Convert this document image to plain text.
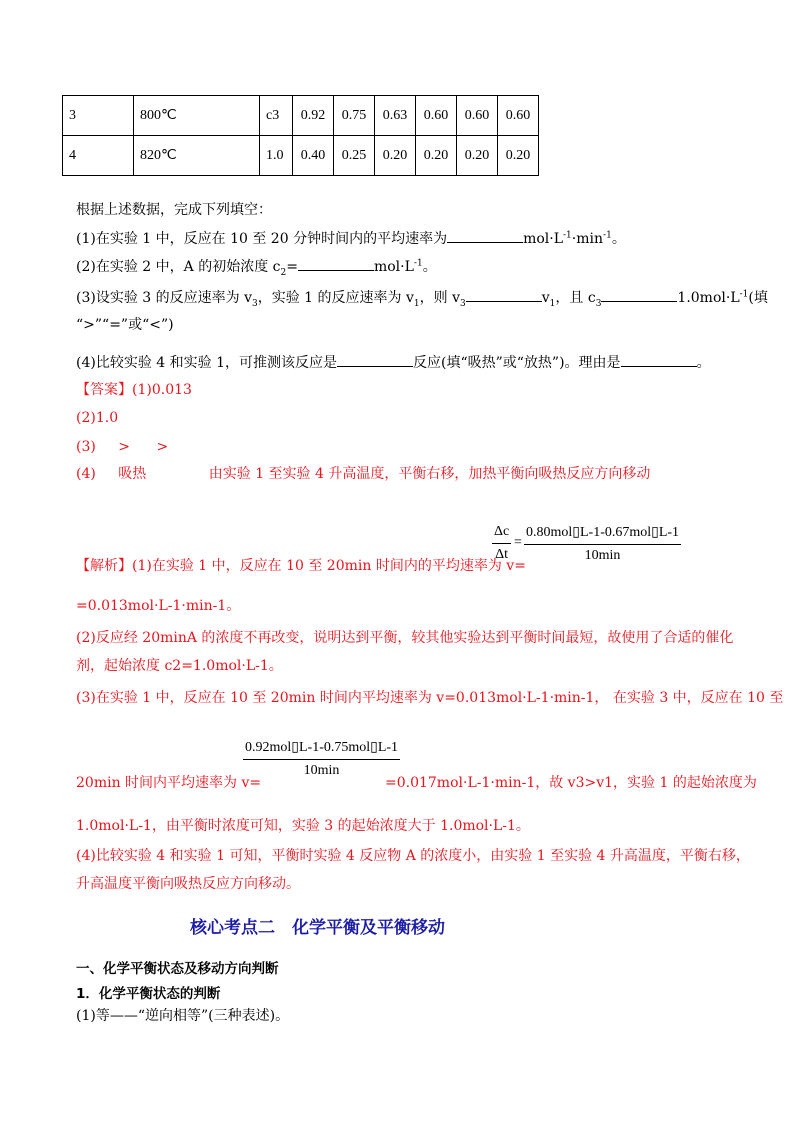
3	800℃	c3	0.92	0.75	0.63	0.60	0.60	0.60
4	820℃	1.0	0.40	0.25	0.20	0.20	0.20	0.20
根据上述数据，完成下列填空：
(1)在实验 1 中，反应在 10 至 20 分钟时间内的平均速率为	$mol\cdot L^{-1}\cdot\min^{-1}$。
(2)在实验 2 中，A 的初始浓度 $c_2=$	$mol\cdot L^{-1}$。
(3)设实验 3 的反应速率为 $v_3$，实验 1 的反应速率为 $v_1$，则 $v_3$	$v_1$，且 $c_3$	$1.0mol\cdot L^{-1}$(填
“>”“=”或“<”)
(4)比较实验 4 和实验 1，可推测该反应是	反应(填“吸热”或“放热”)。理由是	。
【答案】(1)0.013
(2)1.0
(3) > >
(4) 吸热	由实验 1 至实验 4 升高温度，平衡右移，加热平衡向吸热反应方向移动
$\frac{\Delta c}{\Delta t}$ =
0.80mol▯L-1-0.67mol▯L-1
10min
【解析】(1)在实验 1 中，反应在 10 至 20min 时间内的平均速率为 v=
=0.013mol·L-1·min-1。
(2)反应经 20minA 的浓度不再改变，说明达到平衡，较其他实验达到平衡时间最短，故使用了合适的催化
剂，起始浓度 c2=1.0mol·L-1。
(3)在实验 1 中，反应在 10 至 20min 时间内平均速率为 v=0.013mol·L-1·min-1， 在实验 3 中，反应在 10 至
0.92mol▯L-1-0.75mol▯L-1
10min
20min 时间内平均速率为 v=	=0.017mol·L-1·min-1，故 v3>v1，实验 1 的起始浓度为
1.0mol·L-1，由平衡时浓度可知，实验 3 的起始浓度大于 1.0mol·L-1。
(4)比较实验 4 和实验 1 可知，平衡时实验 4 反应物 A 的浓度小，由实验 1 至实验 4 升高温度，平衡右移，
升高温度平衡向吸热反应方向移动。
核心考点二　化学平衡及平衡移动
一、化学平衡状态及移动方向判断
1．化学平衡状态的判断
(1)等——“逆向相等”(三种表述)。
